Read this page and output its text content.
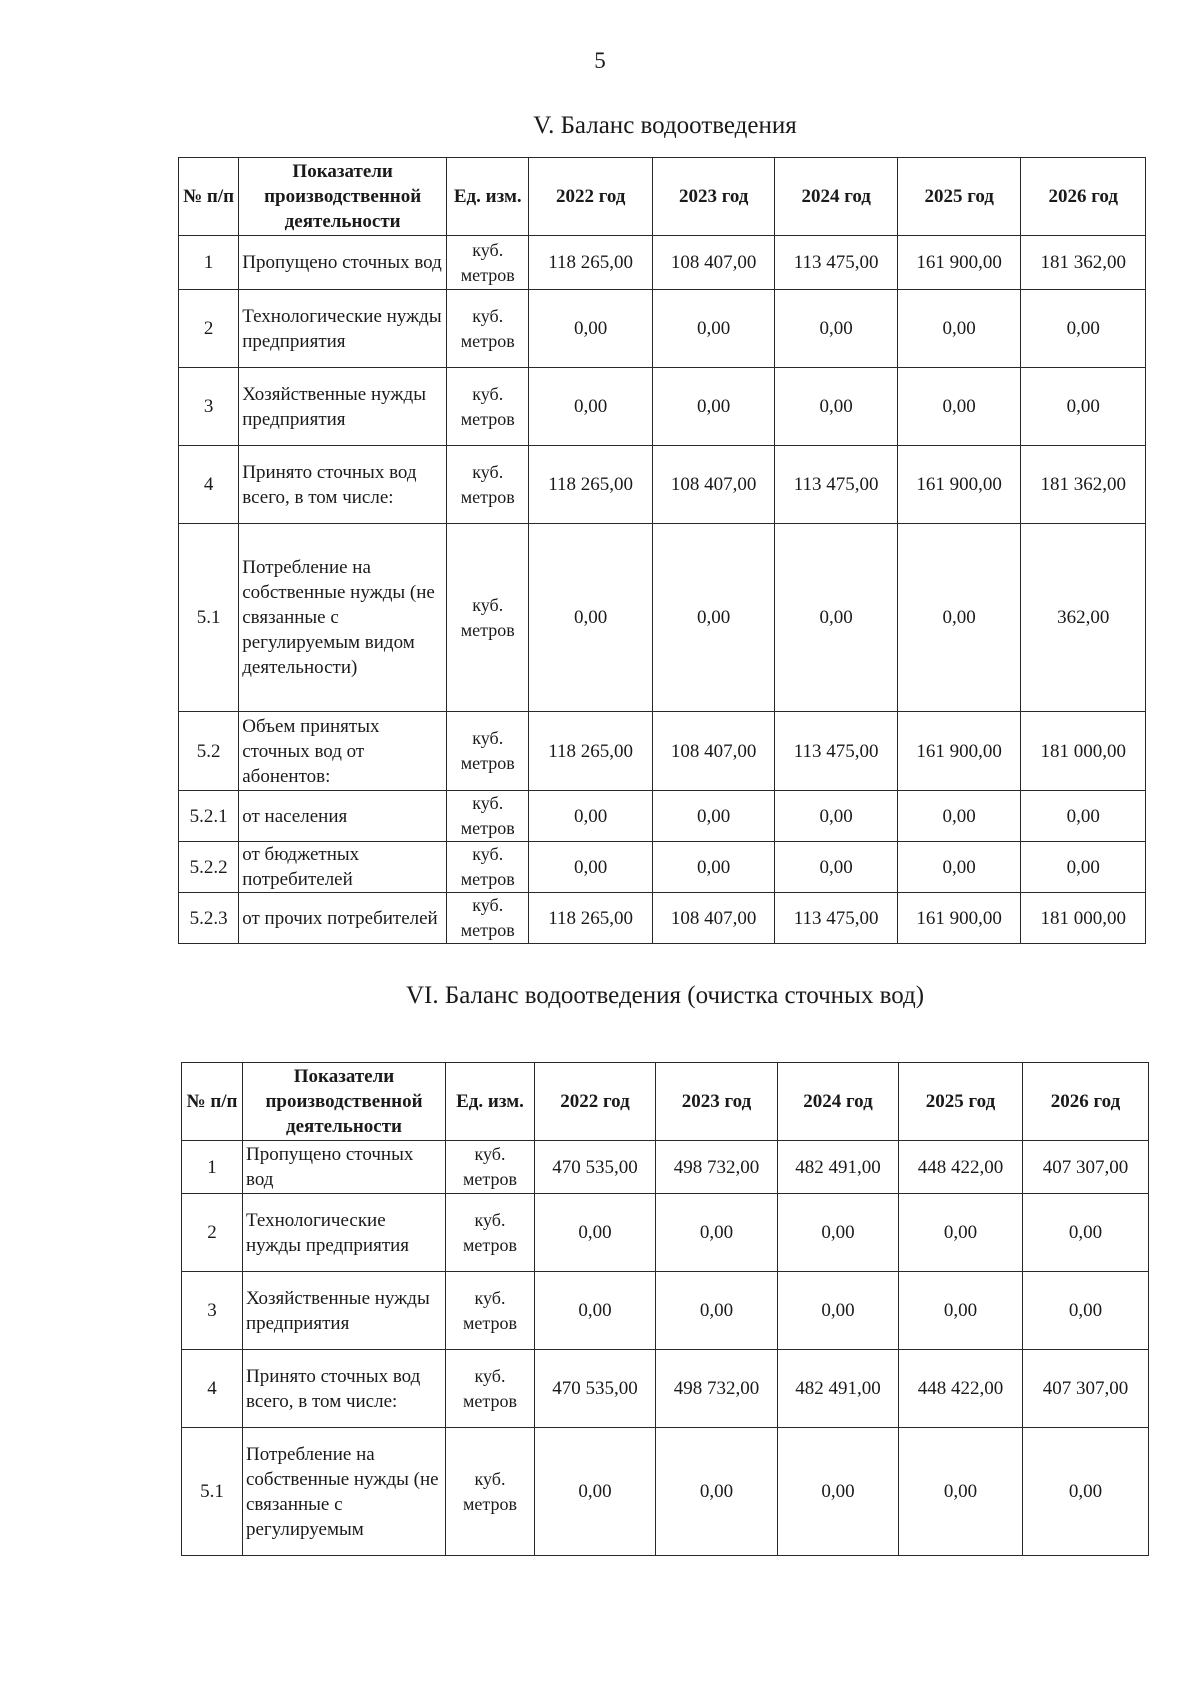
5
V. Баланс водоотведения
№ п/п	Показатели производственной деятельности	Ед. изм.	2022 год	2023 год	2024 год	2025 год	2026 год
1	Пропущено сточных вод	куб. метров	118 265,00	108 407,00	113 475,00	161 900,00	181 362,00
2	Технологические нужды предприятия	куб. метров	0,00	0,00	0,00	0,00	0,00
3	Хозяйственные нужды предприятия	куб. метров	0,00	0,00	0,00	0,00	0,00
4	Принято сточных вод всего, в том числе:	куб. метров	118 265,00	108 407,00	113 475,00	161 900,00	181 362,00
5.1	Потребление на собственные нужды (не связанные с регулируемым видом деятельности)	куб. метров	0,00	0,00	0,00	0,00	362,00
5.2	Объем принятых сточных вод от абонентов:	куб. метров	118 265,00	108 407,00	113 475,00	161 900,00	181 000,00
5.2.1	от населения	куб. метров	0,00	0,00	0,00	0,00	0,00
5.2.2	от бюджетных потребителей	куб. метров	0,00	0,00	0,00	0,00	0,00
5.2.3	от прочих потребителей	куб. метров	118 265,00	108 407,00	113 475,00	161 900,00	181 000,00
VI. Баланс водоотведения (очистка сточных вод)
№ п/п	Показатели производственной деятельности	Ед. изм.	2022 год	2023 год	2024 год	2025 год	2026 год
1	Пропущено сточных вод	куб. метров	470 535,00	498 732,00	482 491,00	448 422,00	407 307,00
2	Технологические нужды предприятия	куб. метров	0,00	0,00	0,00	0,00	0,00
3	Хозяйственные нужды предприятия	куб. метров	0,00	0,00	0,00	0,00	0,00
4	Принято сточных вод всего, в том числе:	куб. метров	470 535,00	498 732,00	482 491,00	448 422,00	407 307,00
5.1	Потребление на собственные нужды (не связанные с регулируемым	куб. метров	0,00	0,00	0,00	0,00	0,00
